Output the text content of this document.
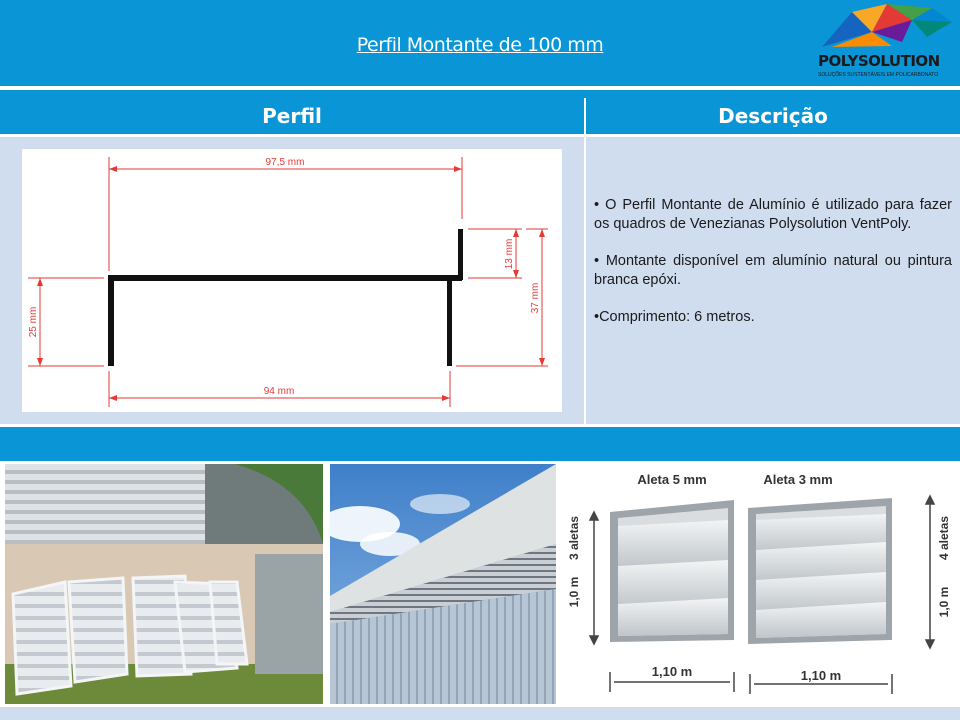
Perfil Montante de 100 mm
POLYSOLUTION
SOLUÇÕES SUSTENTÁVEIS EM POLICARBONATO
Perfil	Descrição
97,5 mm
94 mm
25 mm
13 mm
37 mm

• O Perfil Montante de Alumínio é utilizado para fazer os quadros de Venezianas Polysolution VentPoly.

• Montante disponível em alumínio natural ou pintura branca epóxi.

•Comprimento: 6 metros.

Aleta 5 mm	Aleta 3 mm
1,0 m
3 aletas
1,0 m
4 aletas
1,10 m	1,10 m
